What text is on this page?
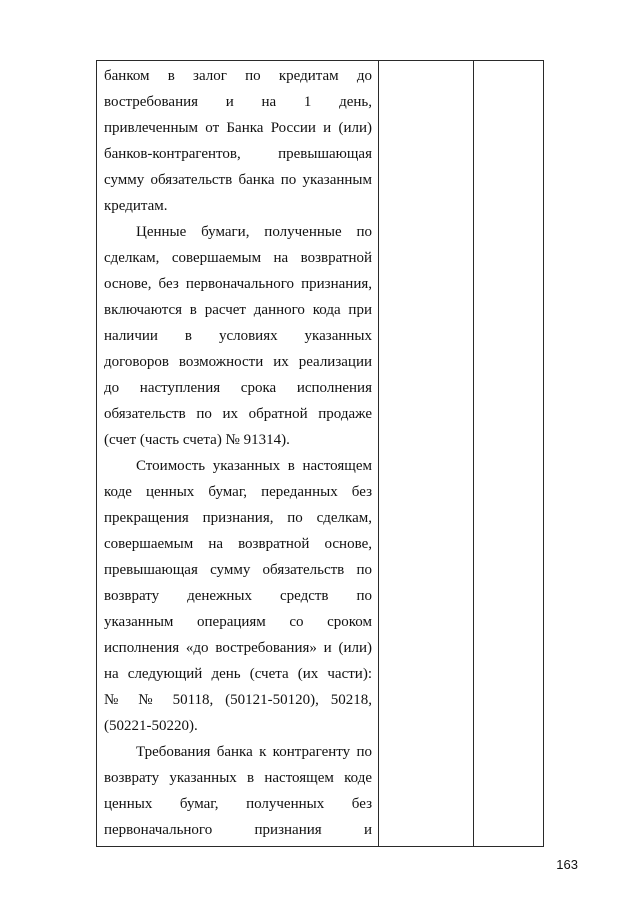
банком в залог по кредитам до
востребования и на 1 день,
привлеченным от Банка России и (или)
банков-контрагентов, превышающая
сумму обязательств банка по указанным
кредитам.
Ценные бумаги, полученные по
сделкам, совершаемым на возвратной
основе, без первоначального признания,
включаются в расчет данного кода при
наличии в условиях указанных
договоров возможности их реализации
до наступления срока исполнения
обязательств по их обратной продаже
(счет (часть счета) № 91314).
Стоимость указанных в настоящем
коде ценных бумаг, переданных без
прекращения признания, по сделкам,
совершаемым на возвратной основе,
превышающая сумму обязательств по
возврату денежных средств по
указанным операциям со сроком
исполнения «до востребования» и (или)
на следующий день (счета (их части):
№ № 50118, (50121-50120), 50218,
(50221-50220).
Требования банка к контрагенту по
возврату указанных в настоящем коде
ценных бумаг, полученных без
первоначального признания и
163
